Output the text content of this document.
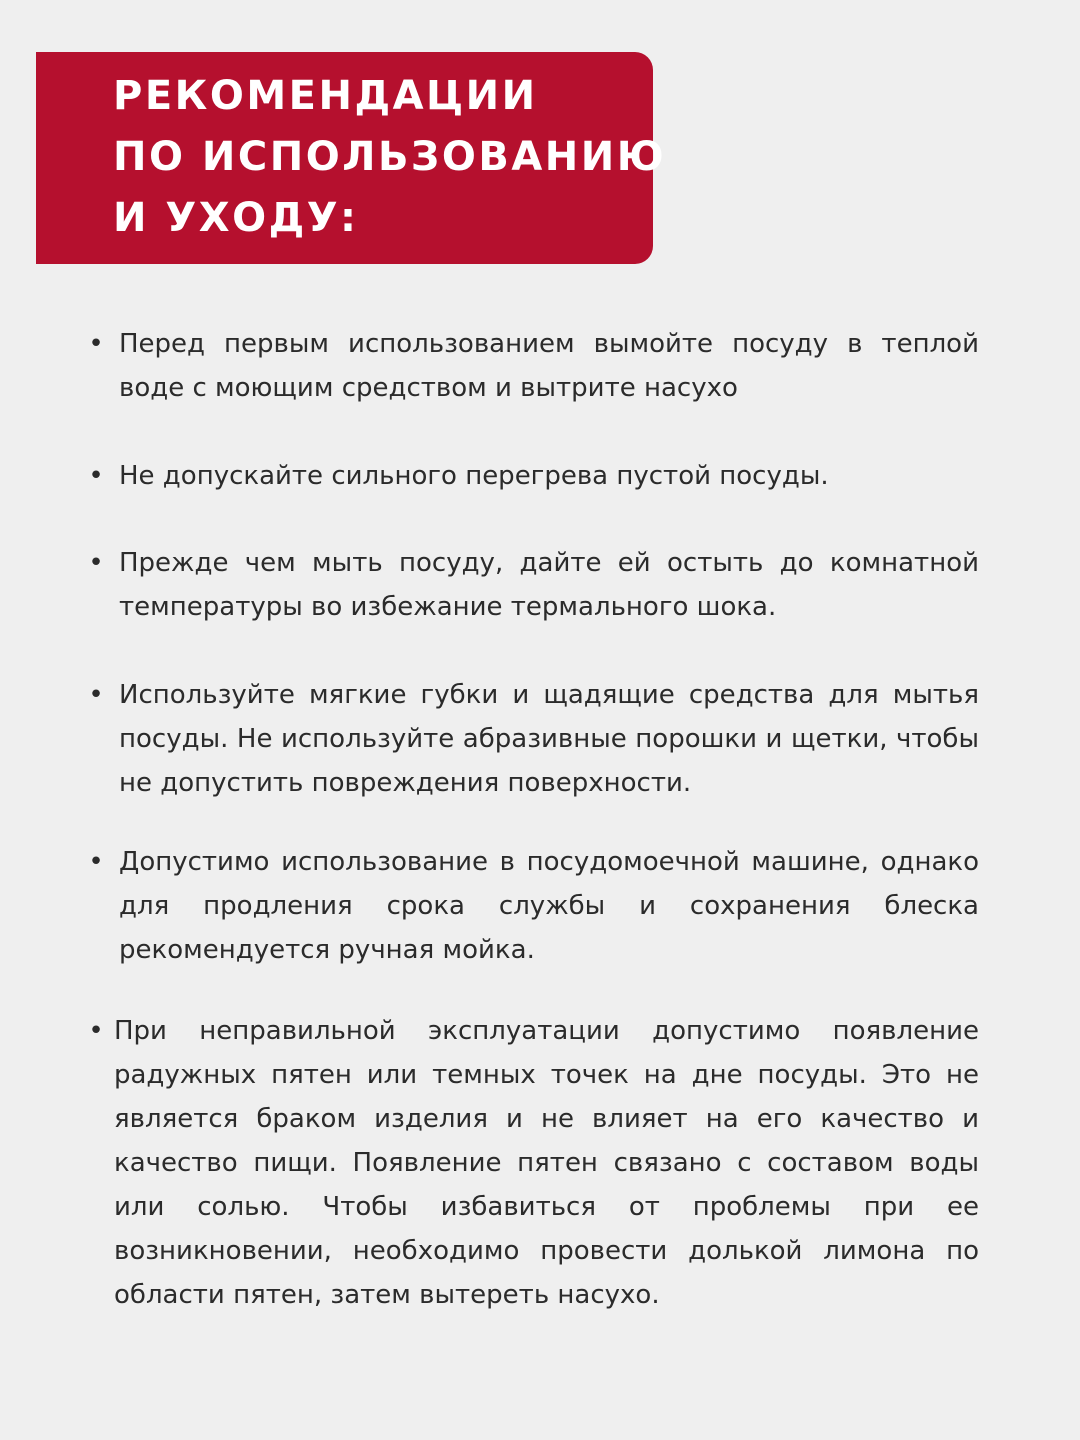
РЕКОМЕНДАЦИИ
ПО ИСПОЛЬЗОВАНИЮ
И УХОДУ:
• Перед первым использованием вымойте посуду в теплой воде с моющим средством и вытрите насухо
• Не допускайте сильного перегрева пустой посуды.
• Прежде чем мыть посуду, дайте ей остыть до комнатной температуры во избежание термального шока.
• Используйте мягкие губки и щадящие средства для мытья посуды. Не используйте абразивные порошки и щетки, чтобы не допустить повреждения поверхности.
• Допустимо использование в посудомоечной машине, однако для продления срока службы и сохранения блеска рекомендуется ручная мойка.
• При неправильной эксплуатации допустимо появление радужных пятен или темных точек на дне посуды. Это не является браком изделия и не влияет на его качество и качество пищи. Появление пятен связано с составом воды или солью. Чтобы избавиться от проблемы при ее возникновении, необходимо провести долькой лимона по области пятен, затем вытереть насухо.
